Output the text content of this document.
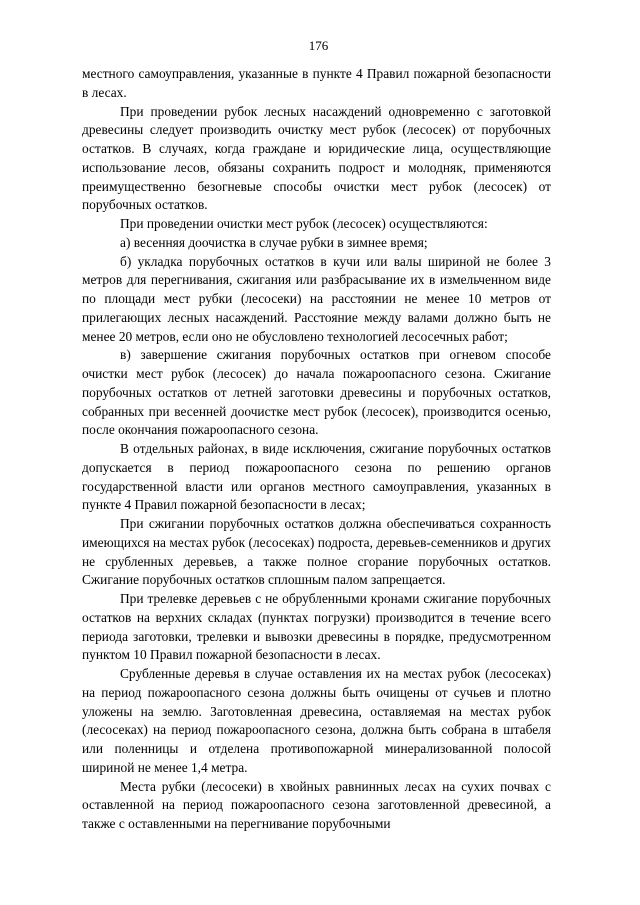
176

местного самоуправления, указанные в пункте 4 Правил пожарной безопасности в лесах.

При проведении рубок лесных насаждений одновременно с заготовкой древесины следует производить очистку мест рубок (лесосек) от порубочных остатков. В случаях, когда граждане и юридические лица, осуществляющие использование лесов, обязаны сохранить подрост и молодняк, применяются преимущественно безогневые способы очистки мест рубок (лесосек) от порубочных остатков.

При проведении очистки мест рубок (лесосек) осуществляются:

а) весенняя доочистка в случае рубки в зимнее время;

б) укладка порубочных остатков в кучи или валы шириной не более 3 метров для перегнивания, сжигания или разбрасывание их в измельченном виде по площади мест рубки (лесосеки) на расстоянии не менее 10 метров от прилегающих лесных насаждений. Расстояние между валами должно быть не менее 20 метров, если оно не обусловлено технологией лесосечных работ;

в) завершение сжигания порубочных остатков при огневом способе очистки мест рубок (лесосек) до начала пожароопасного сезона. Сжигание порубочных остатков от летней заготовки древесины и порубочных остатков, собранных при весенней доочистке мест рубок (лесосек), производится осенью, после окончания пожароопасного сезона.

В отдельных районах, в виде исключения, сжигание порубочных остатков допускается в период пожароопасного сезона по решению органов государственной власти или органов местного самоуправления, указанных в пункте 4 Правил пожарной безопасности в лесах;

При сжигании порубочных остатков должна обеспечиваться сохранность имеющихся на местах рубок (лесосеках) подроста, деревьев-семенников и других не срубленных деревьев, а также полное сгорание порубочных остатков. Сжигание порубочных остатков сплошным палом запрещается.

При трелевке деревьев с не обрубленными кронами сжигание порубочных остатков на верхних складах (пунктах погрузки) производится в течение всего периода заготовки, трелевки и вывозки древесины в порядке, предусмотренном пунктом 10 Правил пожарной безопасности в лесах.

Срубленные деревья в случае оставления их на местах рубок (лесосеках) на период пожароопасного сезона должны быть очищены от сучьев и плотно уложены на землю. Заготовленная древесина, оставляемая на местах рубок (лесосеках) на период пожароопасного сезона, должна быть собрана в штабеля или поленницы и отделена противопожарной минерализованной полосой шириной не менее 1,4 метра.

Места рубки (лесосеки) в хвойных равнинных лесах на сухих почвах с оставленной на период пожароопасного сезона заготовленной древесиной, а также с оставленными на перегнивание порубочными
